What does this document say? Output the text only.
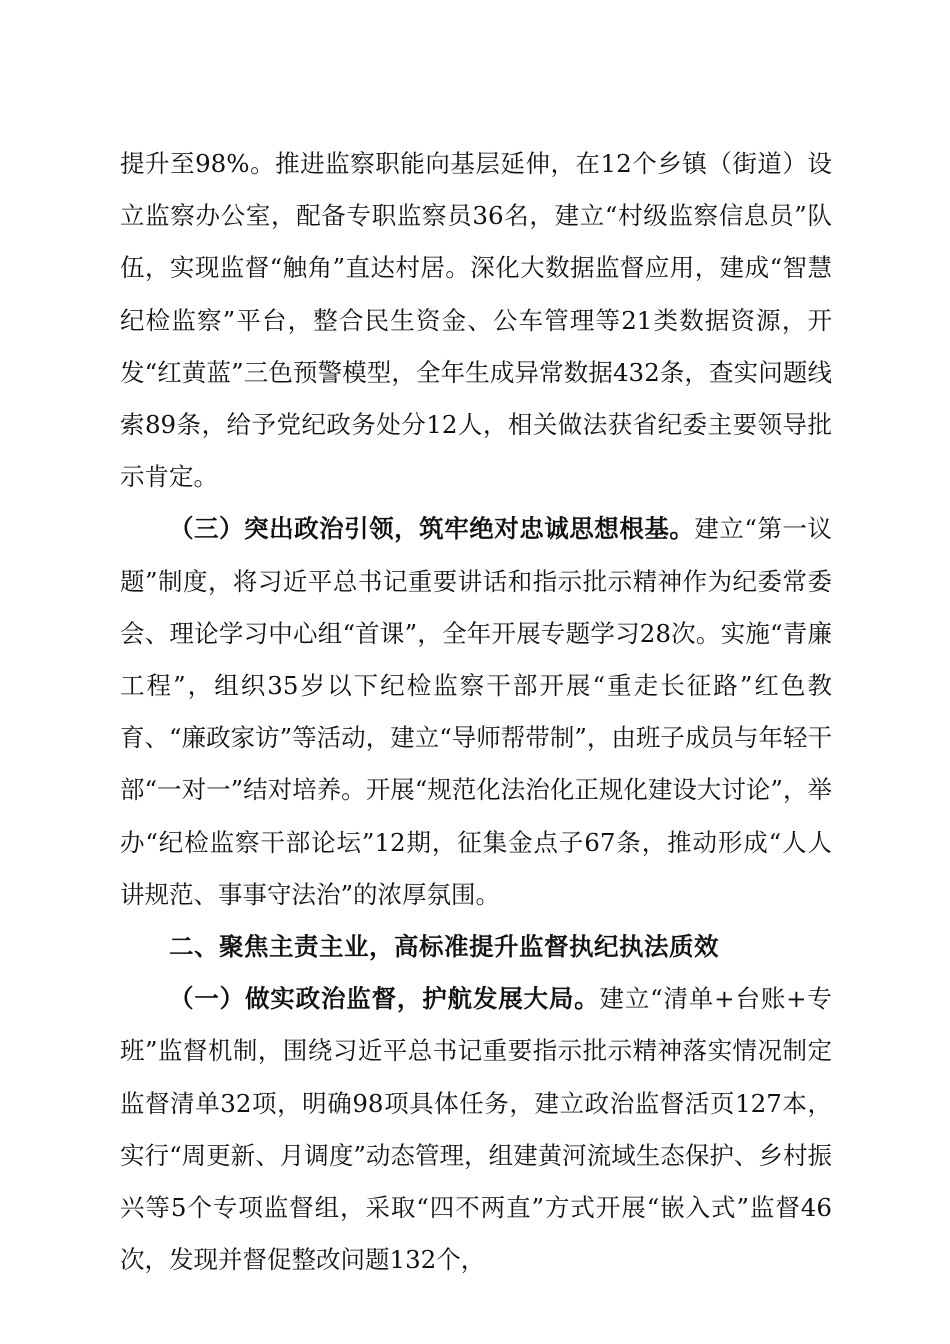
提升至98%。推进监察职能向基层延伸，在12个乡镇（街道）设立监察办公室，配备专职监察员36名，建立“村级监察信息员”队伍，实现监督“触角”直达村居。深化大数据监督应用，建成“智慧纪检监察”平台，整合民生资金、公车管理等21类数据资源，开发“红黄蓝”三色预警模型，全年生成异常数据432条，查实问题线索89条，给予党纪政务处分12人，相关做法获省纪委主要领导批示肯定。

（三）突出政治引领，筑牢绝对忠诚思想根基。建立“第一议题”制度，将习近平总书记重要讲话和指示批示精神作为纪委常委会、理论学习中心组“首课”，全年开展专题学习28次。实施“青廉工程”，组织35岁以下纪检监察干部开展“重走长征路”红色教育、“廉政家访”等活动，建立“导师帮带制”，由班子成员与年轻干部“一对一”结对培养。开展“规范化法治化正规化建设大讨论”，举办“纪检监察干部论坛”12期，征集金点子67条，推动形成“人人讲规范、事事守法治”的浓厚氛围。

二、聚焦主责主业，高标准提升监督执纪执法质效

（一）做实政治监督，护航发展大局。建立“清单+台账+专班”监督机制，围绕习近平总书记重要指示批示精神落实情况制定监督清单32项，明确98项具体任务，建立政治监督活页127本，实行“周更新、月调度”动态管理，组建黄河流域生态保护、乡村振兴等5个专项监督组，采取“四不两直”方式开展“嵌入式”监督46次，发现并督促整改问题132个，
